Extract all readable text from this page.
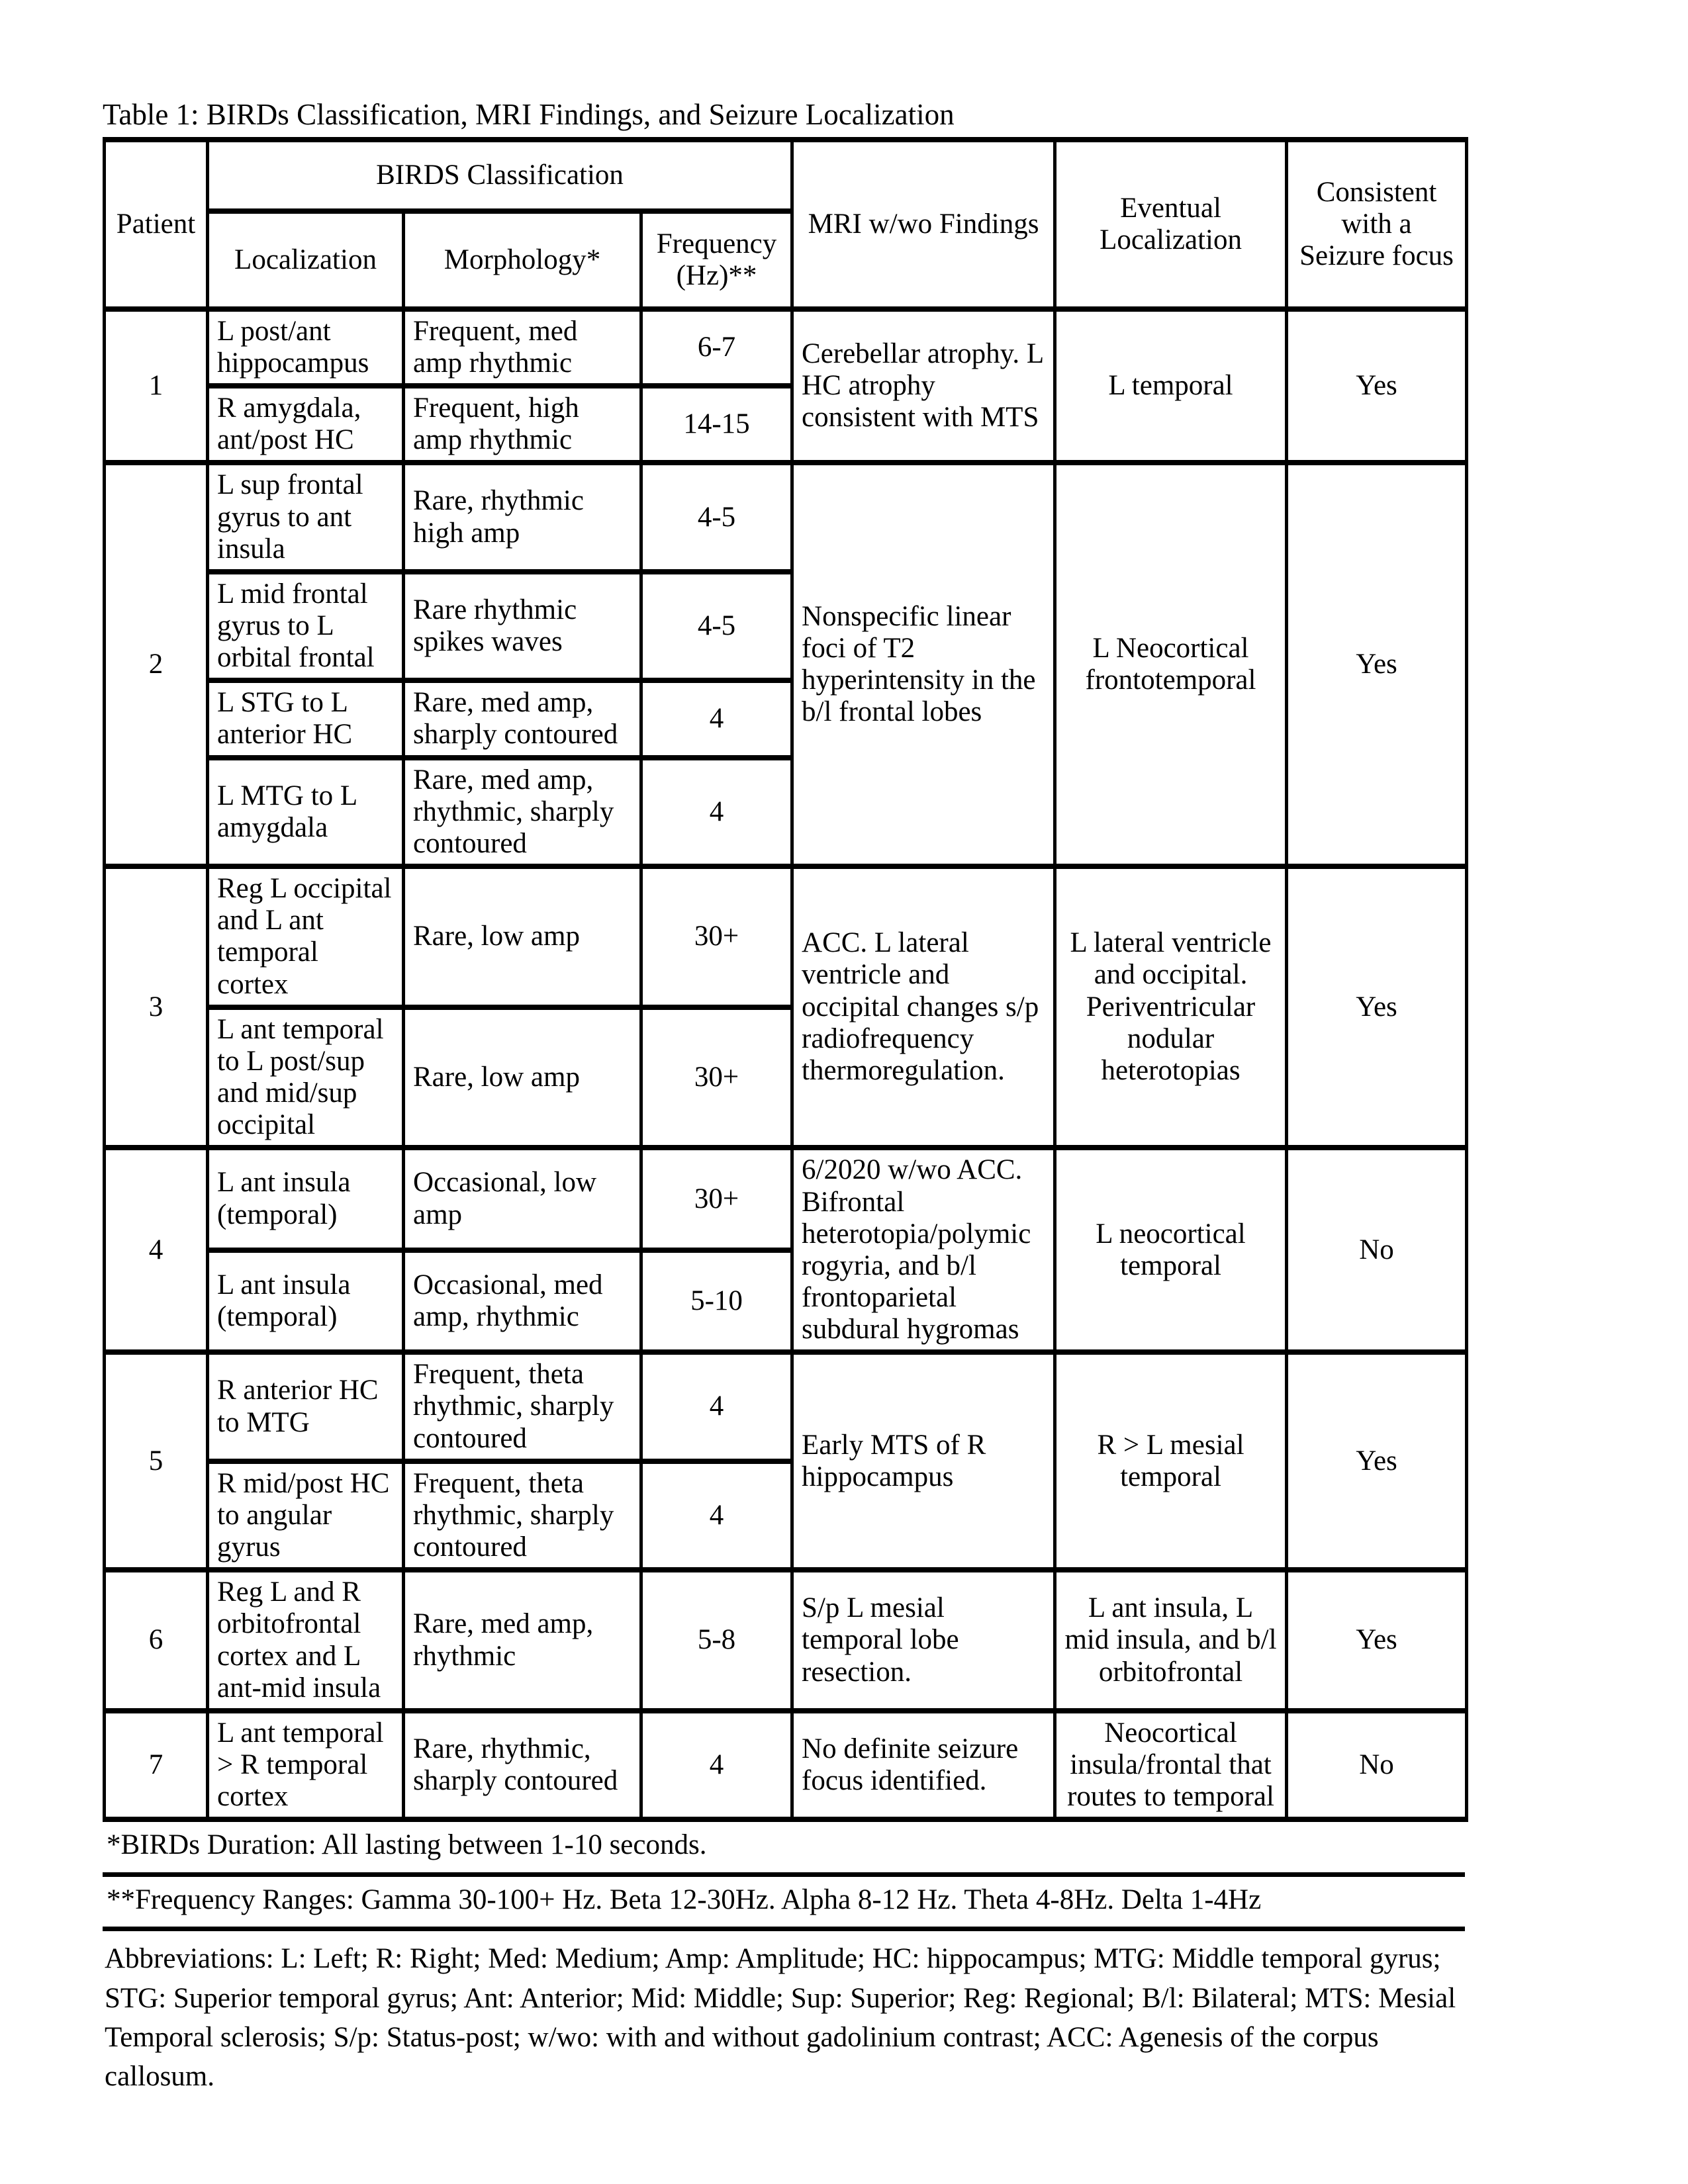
Table 1: BIRDs Classification, MRI Findings, and Seizure Localization

Patient	BIRDS Classification			MRI w/wo Findings	Eventual Localization	Consistent with a Seizure focus
	Localization	Morphology*	Frequency (Hz)**			
1	L post/ant hippocampus	Frequent, med amp rhythmic	6-7	Cerebellar atrophy. L HC atrophy consistent with MTS	L temporal	Yes
	R amygdala, ant/post HC	Frequent, high amp rhythmic	14-15			
2	L sup frontal gyrus to ant insula	Rare, rhythmic high amp	4-5	Nonspecific linear foci of T2 hyperintensity in the b/l frontal lobes	L Neocortical frontotemporal	Yes
	L mid frontal gyrus to L orbital frontal	Rare rhythmic spikes waves	4-5			
	L STG to L anterior HC	Rare, med amp, sharply contoured	4			
	L MTG to L amygdala	Rare, med amp, rhythmic, sharply contoured	4			
3	Reg L occipital and L ant temporal cortex	Rare, low amp	30+	ACC. L lateral ventricle and occipital changes s/p radiofrequency thermoregulation.	L lateral ventricle and occipital. Periventricular nodular heterotopias	Yes
	L ant temporal to L post/sup and mid/sup occipital	Rare, low amp	30+			
4	L ant insula (temporal)	Occasional, low amp	30+	6/2020 w/wo ACC. Bifrontal heterotopia/polymic rogyria, and b/l frontoparietal subdural hygromas	L neocortical temporal	No
	L ant insula (temporal)	Occasional, med amp, rhythmic	5-10			
5	R anterior HC to MTG	Frequent, theta rhythmic, sharply contoured	4	Early MTS of R hippocampus	R > L mesial temporal	Yes
	R mid/post HC to angular gyrus	Frequent, theta rhythmic, sharply contoured	4			
6	Reg L and R orbitofrontal cortex and L ant-mid insula	Rare, med amp, rhythmic	5-8	S/p L mesial temporal lobe resection.	L ant insula, L mid insula, and b/l orbitofrontal	Yes
7	L ant temporal > R temporal cortex	Rare, rhythmic, sharply contoured	4	No definite seizure focus identified.	Neocortical insula/frontal that routes to temporal	No
*BIRDs Duration: All lasting between 1-10 seconds.
**Frequency Ranges: Gamma 30-100+ Hz. Beta 12-30Hz. Alpha 8-12 Hz. Theta 4-8Hz. Delta 1-4Hz
Abbreviations: L: Left; R: Right; Med: Medium; Amp: Amplitude; HC: hippocampus; MTG: Middle temporal gyrus; STG: Superior temporal gyrus; Ant: Anterior; Mid: Middle; Sup: Superior; Reg: Regional; B/l: Bilateral; MTS: Mesial Temporal sclerosis; S/p: Status-post; w/wo: with and without gadolinium contrast; ACC: Agenesis of the corpus callosum.
